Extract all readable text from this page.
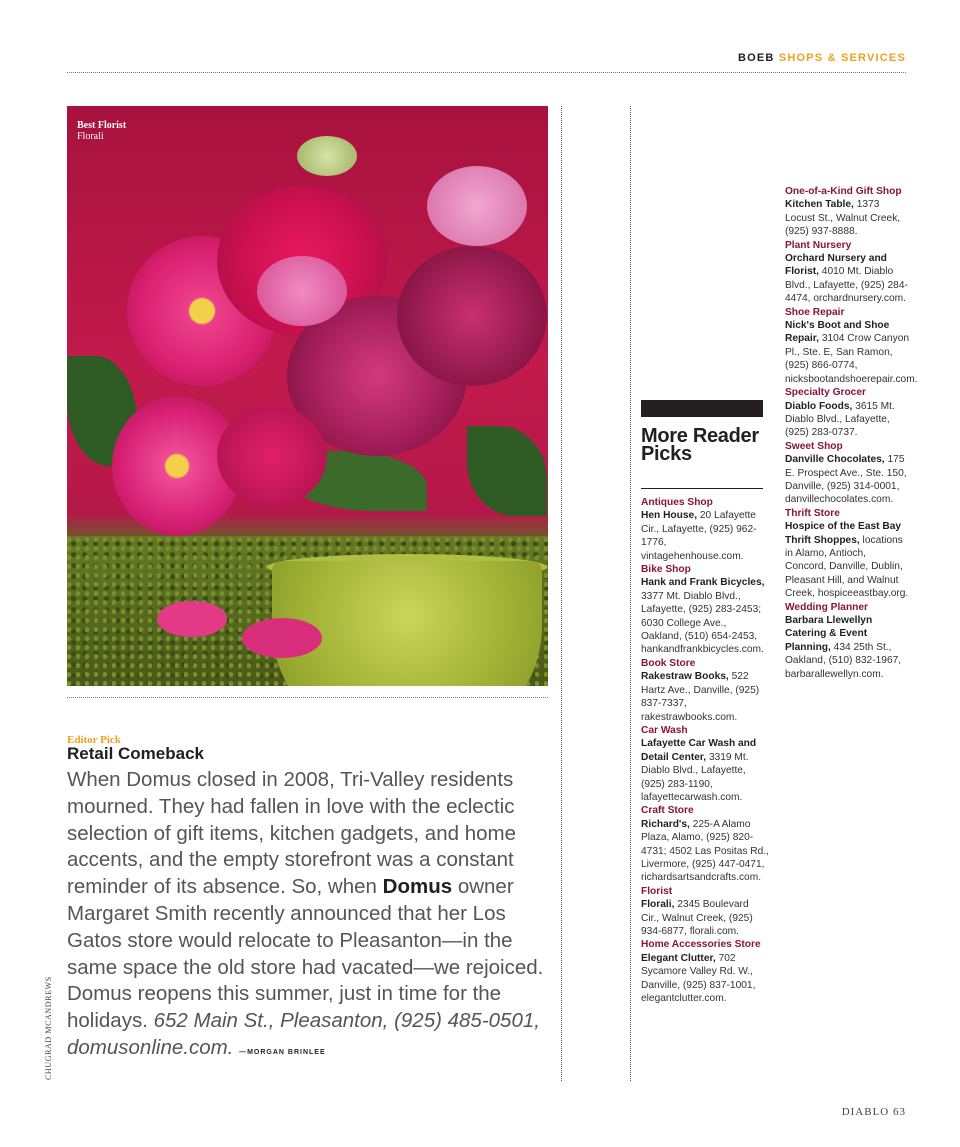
BOEB SHOPS & SERVICES
Best Florist
Florali
Editor Pick
Retail Comeback
When Domus closed in 2008, Tri-Valley residents mourned. They had fallen in love with the eclectic selection of gift items, kitchen gadgets, and home accents, and the empty storefront was a constant reminder of its absence. So, when Domus owner Margaret Smith recently announced that her Los Gatos store would relocate to Pleasanton—in the same space the old store had vacated—we rejoiced. Domus reopens this summer, just in time for the holidays. 652 Main St., Pleasanton, (925) 485-0501, domusonline.com. —MORGAN BRINLEE
CHUGRAD MCANDREWS
More Reader Picks

Antiques Shop
Hen House, 20 Lafayette Cir., Lafayette, (925) 962-1776, vintagehenhouse.com.

Bike Shop
Hank and Frank Bicycles, 3377 Mt. Diablo Blvd., Lafayette, (925) 283-2453; 6030 College Ave., Oakland, (510) 654-2453, hankandfrankbicycles.com.

Book Store
Rakestraw Books, 522 Hartz Ave., Danville, (925) 837-7337, rakestrawbooks.com.

Car Wash
Lafayette Car Wash and Detail Center, 3319 Mt. Diablo Blvd., Lafayette, (925) 283-1190, lafayettecarwash.com.

Craft Store
Richard's, 225-A Alamo Plaza, Alamo, (925) 820-4731; 4502 Las Positas Rd., Livermore, (925) 447-0471, richardsartsandcrafts.com.

Florist
Florali, 2345 Boulevard Cir., Walnut Creek, (925) 934-6877, florali.com.

Home Accessories Store
Elegant Clutter, 702 Sycamore Valley Rd. W., Danville, (925) 837-1001, elegantclutter.com.

One-of-a-Kind Gift Shop
Kitchen Table, 1373 Locust St., Walnut Creek, (925) 937-8888.

Plant Nursery
Orchard Nursery and Florist, 4010 Mt. Diablo Blvd., Lafayette, (925) 284-4474, orchardnursery.com.

Shoe Repair
Nick's Boot and Shoe Repair, 3104 Crow Canyon Pl., Ste. E, San Ramon, (925) 866-0774, nicksbootandshoerepair.com.

Specialty Grocer
Diablo Foods, 3615 Mt. Diablo Blvd., Lafayette, (925) 283-0737.

Sweet Shop
Danville Chocolates, 175 E. Prospect Ave., Ste. 150, Danville, (925) 314-0001, danvillechocolates.com.

Thrift Store
Hospice of the East Bay Thrift Shoppes, locations in Alamo, Antioch, Concord, Danville, Dublin, Pleasant Hill, and Walnut Creek, hospiceeastbay.org.

Wedding Planner
Barbara Llewellyn Catering & Event Planning, 434 25th St., Oakland, (510) 832-1967, barbarallewellyn.com.

DIABLO 63
